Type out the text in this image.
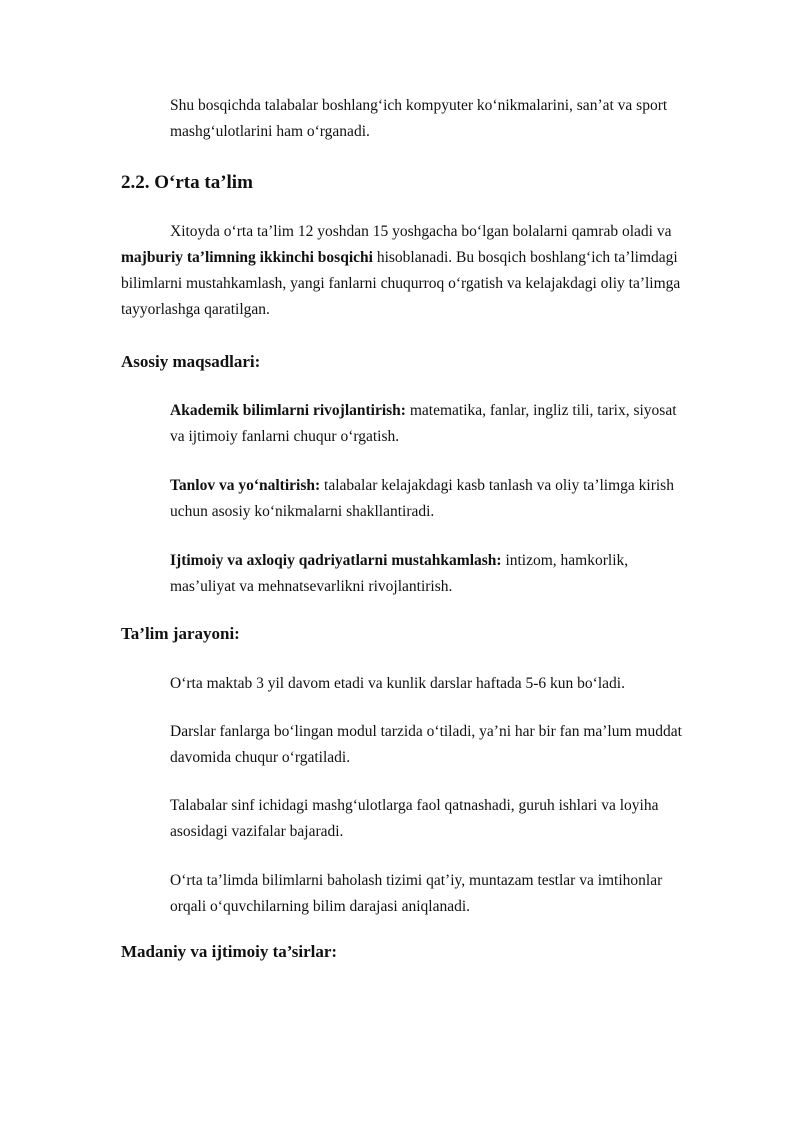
Shu bosqichda talabalar boshlang‘ich kompyuter ko‘nikmalarini, san’at va sport mashg‘ulotlarini ham o‘rganadi.

2.2. O‘rta ta’lim

Xitoyda o‘rta ta’lim 12 yoshdan 15 yoshgacha bo‘lgan bolalarni qamrab oladi va majburiy ta’limning ikkinchi bosqichi hisoblanadi. Bu bosqich boshlang‘ich ta’limdagi bilimlarni mustahkamlash, yangi fanlarni chuqurroq o‘rgatish va kelajakdagi oliy ta’limga tayyorlashga qaratilgan.

Asosiy maqsadlari:

Akademik bilimlarni rivojlantirish: matematika, fanlar, ingliz tili, tarix, siyosat va ijtimoiy fanlarni chuqur o‘rgatish.

Tanlov va yo‘naltirish: talabalar kelajakdagi kasb tanlash va oliy ta’limga kirish uchun asosiy ko‘nikmalarni shakllantiradi.

Ijtimoiy va axloqiy qadriyatlarni mustahkamlash: intizom, hamkorlik, mas’uliyat va mehnatsevarlikni rivojlantirish.

Ta’lim jarayoni:

O‘rta maktab 3 yil davom etadi va kunlik darslar haftada 5-6 kun bo‘ladi.

Darslar fanlarga bo‘lingan modul tarzida o‘tiladi, ya’ni har bir fan ma’lum muddat davomida chuqur o‘rgatiladi.

Talabalar sinf ichidagi mashg‘ulotlarga faol qatnashadi, guruh ishlari va loyiha asosidagi vazifalar bajaradi.

O‘rta ta’limda bilimlarni baholash tizimi qat’iy, muntazam testlar va imtihonlar orqali o‘quvchilarning bilim darajasi aniqlanadi.

Madaniy va ijtimoiy ta’sirlar:
